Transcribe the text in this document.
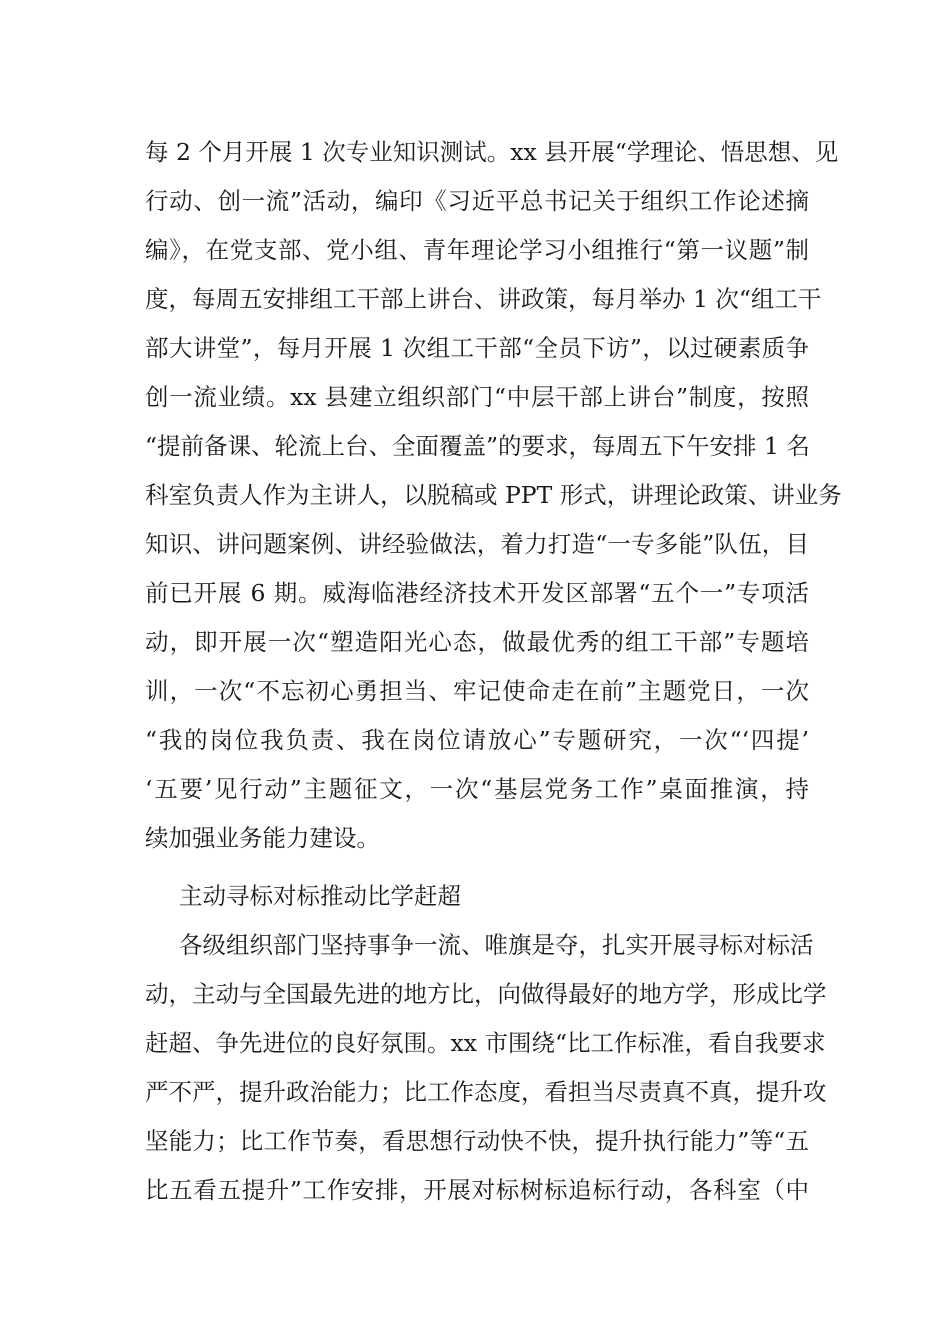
每 2 个月开展 1 次专业知识测试。xx 县开展“学理论、悟思想、见
行动、创一流”活动，编印《习近平总书记关于组织工作论述摘
编》，在党支部、党小组、青年理论学习小组推行“第一议题”制
度，每周五安排组工干部上讲台、讲政策，每月举办 1 次“组工干
部大讲堂”，每月开展 1 次组工干部“全员下访”，以过硬素质争
创一流业绩。xx 县建立组织部门“中层干部上讲台”制度，按照
“提前备课、轮流上台、全面覆盖”的要求，每周五下午安排 1 名
科室负责人作为主讲人，以脱稿或 PPT 形式，讲理论政策、讲业务
知识、讲问题案例、讲经验做法，着力打造“一专多能”队伍，目
前已开展 6 期。威海临港经济技术开发区部署“五个一”专项活
动，即开展一次“塑造阳光心态，做最优秀的组工干部”专题培
训，一次“不忘初心勇担当、牢记使命走在前”主题党日，一次
“我的岗位我负责、我在岗位请放心”专题研究，一次“‘四提’
‘五要’见行动”主题征文，一次“基层党务工作”桌面推演，持
续加强业务能力建设。
主动寻标对标推动比学赶超
各级组织部门坚持事争一流、唯旗是夺，扎实开展寻标对标活
动，主动与全国最先进的地方比，向做得最好的地方学，形成比学
赶超、争先进位的良好氛围。xx 市围绕“比工作标准，看自我要求
严不严，提升政治能力；比工作态度，看担当尽责真不真，提升攻
坚能力；比工作节奏，看思想行动快不快，提升执行能力”等“五
比五看五提升”工作安排，开展对标树标追标行动，各科室（中
